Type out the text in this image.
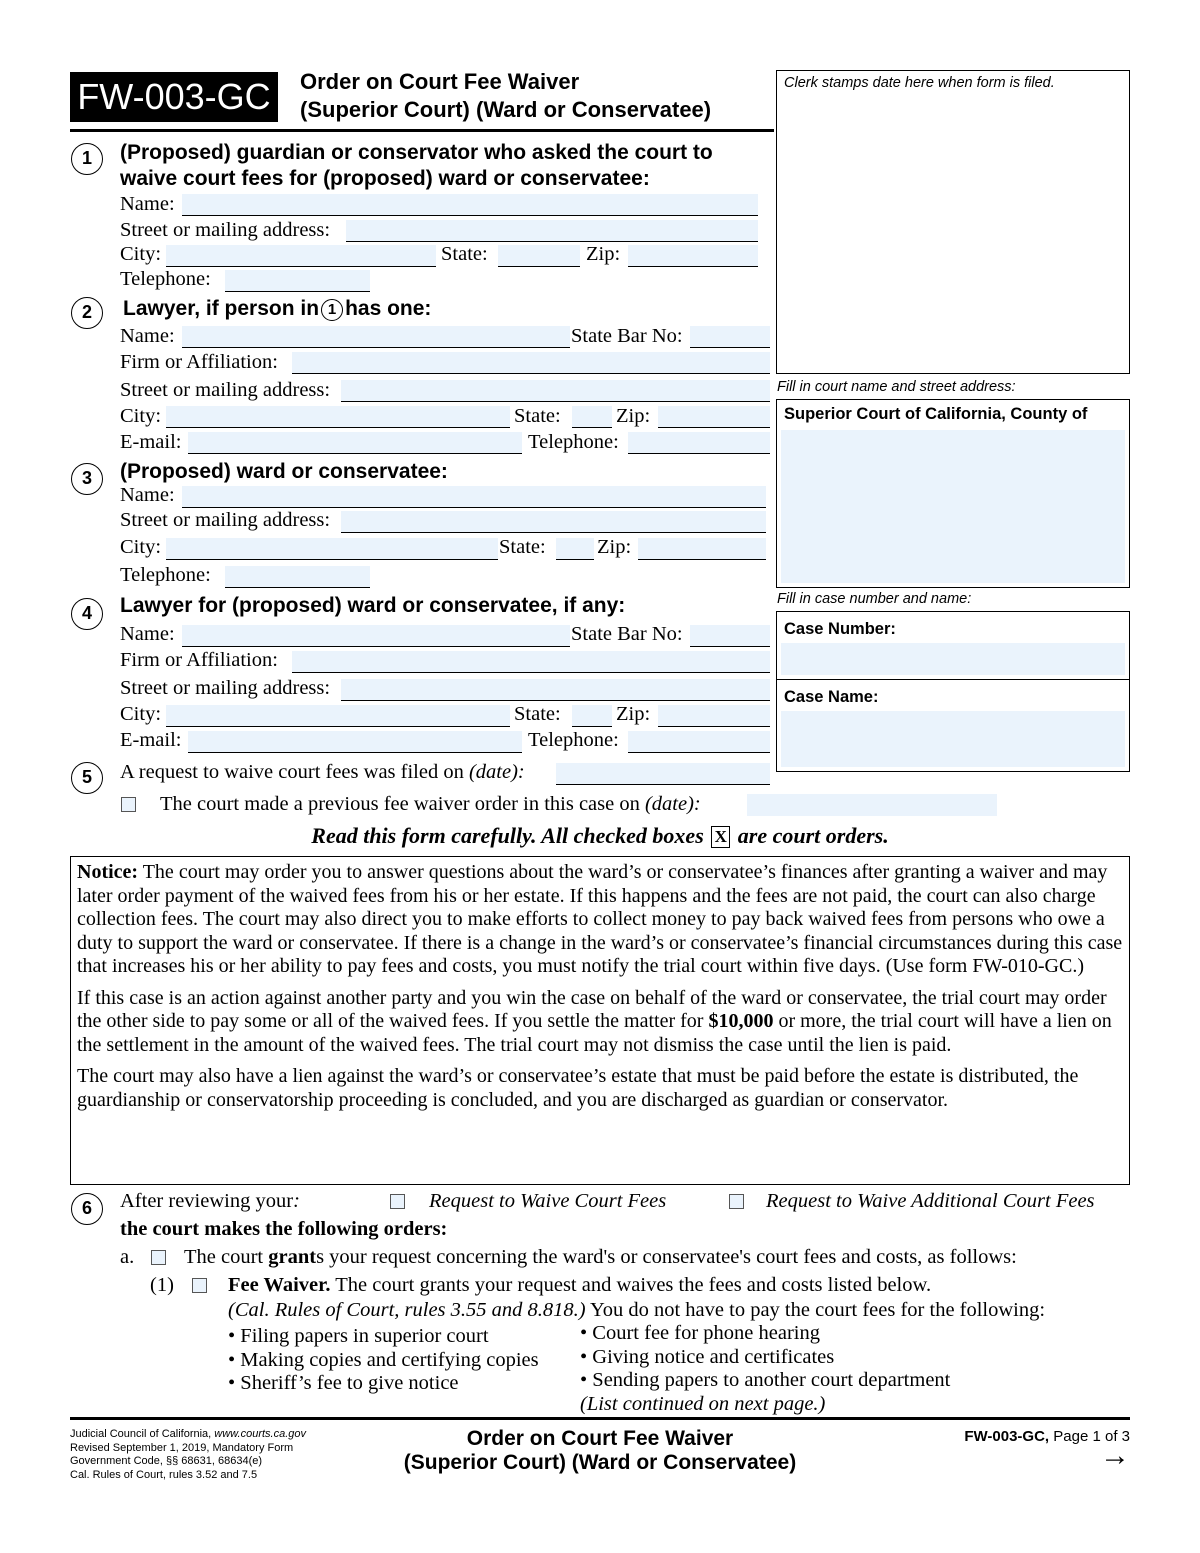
FW-003-GC	Order on Court Fee Waiver
(Superior Court) (Ward or Conservatee)
Clerk stamps date here when form is filed.
Fill in court name and street address:
Superior Court of California, County of
Fill in case number and name:
Case Number:
Case Name:
1	(Proposed) guardian or conservator who asked the court to
waive court fees for (proposed) ward or conservatee:
Name:
Street or mailing address:
City:	State:	Zip:
Telephone:
2	Lawyer, if person in 1 has one:
Name:	State Bar No:
Firm or Affiliation:
Street or mailing address:
City:	State:	Zip:
E-mail:	Telephone:
3	(Proposed) ward or conservatee:
Name:
Street or mailing address:
City:	State:	Zip:
Telephone:
4	Lawyer for (proposed) ward or conservatee, if any:
Name:	State Bar No:
Firm or Affiliation:
Street or mailing address:
City:	State:	Zip:
E-mail:	Telephone:
5	A request to waive court fees was filed on (date):
The court made a previous fee waiver order in this case on (date):
Read this form carefully. All checked boxes X are court orders.

Notice: The court may order you to answer questions about the ward’s or conservatee’s finances after granting a waiver and may later order payment of the waived fees from his or her estate. If this happens and the fees are not paid, the court can also charge collection fees. The court may also direct you to make efforts to collect money to pay back waived fees from persons who owe a duty to support the ward or conservatee. If there is a change in the ward’s or conservatee’s financial circumstances during this case that increases his or her ability to pay fees and costs, you must notify the trial court within five days. (Use form FW-010-GC.)

If this case is an action against another party and you win the case on behalf of the ward or conservatee, the trial court may order the other side to pay some or all of the waived fees. If you settle the matter for $10,000 or more, the trial court will have a lien on the settlement in the amount of the waived fees. The trial court may not dismiss the case until the lien is paid.

The court may also have a lien against the ward’s or conservatee’s estate that must be paid before the estate is distributed, the guardianship or conservatorship proceeding is concluded, and you are discharged as guardian or conservator.

6	After reviewing your:	Request to Waive Court Fees	Request to Waive Additional Court Fees
the court makes the following orders:
a. The court grants your request concerning the ward's or conservatee's court fees and costs, as follows:
(1)	Fee Waiver. The court grants your request and waives the fees and costs listed below.
(Cal. Rules of Court, rules 3.55 and 8.818.) You do not have to pay the court fees for the following:
• Filing papers in superior court
• Making copies and certifying copies
• Sheriff’s fee to give notice
• Court fee for phone hearing
• Giving notice and certificates
• Sending papers to another court department
(List continued on next page.)
Judicial Council of California, www.courts.ca.gov
Revised September 1, 2019, Mandatory Form
Government Code, §§ 68631, 68634(e)
Cal. Rules of Court, rules 3.52 and 7.5
Order on Court Fee Waiver
(Superior Court) (Ward or Conservatee)
FW-003-GC, Page 1 of 3
→
